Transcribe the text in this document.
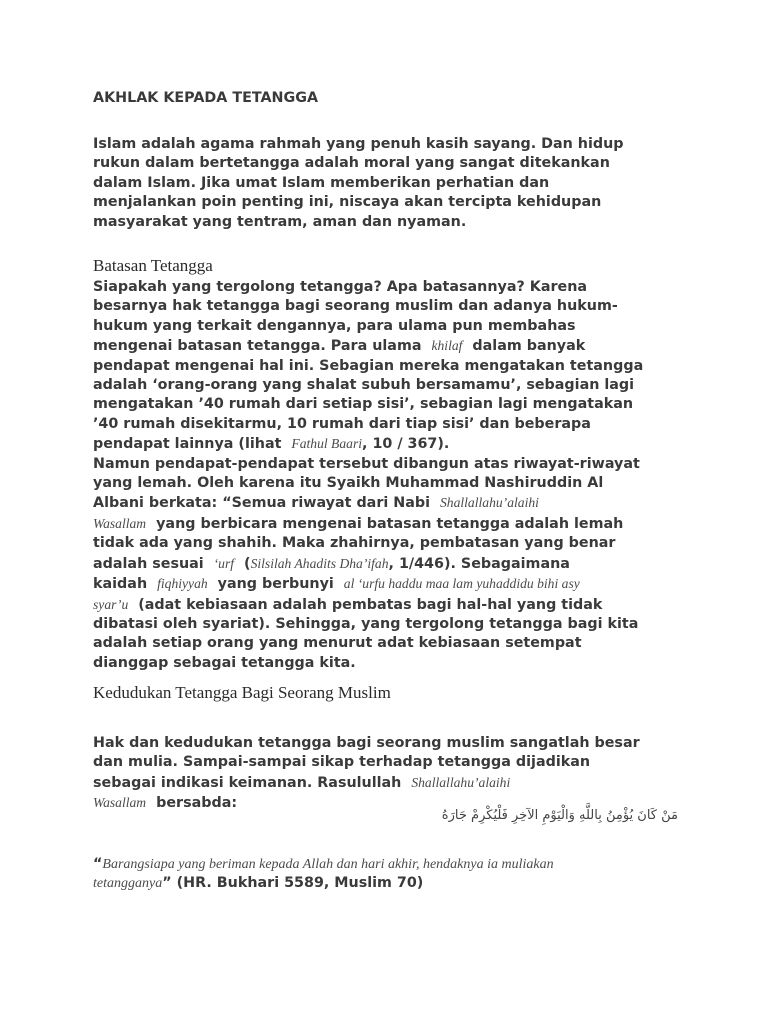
AKHLAK KEPADA TETANGGA
Islam adalah agama rahmah yang penuh kasih sayang. Dan hidup
rukun dalam bertetangga adalah moral yang sangat ditekankan
dalam Islam. Jika umat Islam memberikan perhatian dan
menjalankan poin penting ini, niscaya akan tercipta kehidupan
masyarakat yang tentram, aman dan nyaman.
Batasan Tetangga
Siapakah yang tergolong tetangga? Apa batasannya? Karena
besarnya hak tetangga bagi seorang muslim dan adanya hukum-
hukum yang terkait dengannya, para ulama pun membahas
mengenai batasan tetangga. Para ulama khilaf dalam banyak
pendapat mengenai hal ini. Sebagian mereka mengatakan tetangga
adalah ‘orang-orang yang shalat subuh bersamamu’, sebagian lagi
mengatakan ’40 rumah dari setiap sisi’, sebagian lagi mengatakan
’40 rumah disekitarmu, 10 rumah dari tiap sisi’ dan beberapa
pendapat lainnya (lihat Fathul Baari, 10 / 367).
Namun pendapat-pendapat tersebut dibangun atas riwayat-riwayat
yang lemah. Oleh karena itu Syaikh Muhammad Nashiruddin Al
Albani berkata: “Semua riwayat dari Nabi Shallallahu’alaihi
Wasallam yang berbicara mengenai batasan tetangga adalah lemah
tidak ada yang shahih. Maka zhahirnya, pembatasan yang benar
adalah sesuai ‘urf (Silsilah Ahadits Dha’ifah, 1/446). Sebagaimana
kaidah fiqhiyyah yang berbunyi al ‘urfu haddu maa lam yuhaddidu bihi asy
syar’u (adat kebiasaan adalah pembatas bagi hal-hal yang tidak
dibatasi oleh syariat). Sehingga, yang tergolong tetangga bagi kita
adalah setiap orang yang menurut adat kebiasaan setempat
dianggap sebagai tetangga kita.
Kedudukan Tetangga Bagi Seorang Muslim
Hak dan kedudukan tetangga bagi seorang muslim sangatlah besar
dan mulia. Sampai-sampai sikap terhadap tetangga dijadikan
sebagai indikasi keimanan. Rasulullah Shallallahu’alaihi
Wasallam bersabda:
مَنْ كَانَ يُؤْمِنُ بِاللَّهِ وَالْيَوْمِ الآخِرِ فَلْيُكْرِمْ جَارَهُ
“Barangsiapa yang beriman kepada Allah dan hari akhir, hendaknya ia muliakan
tetangganya” (HR. Bukhari 5589, Muslim 70)
